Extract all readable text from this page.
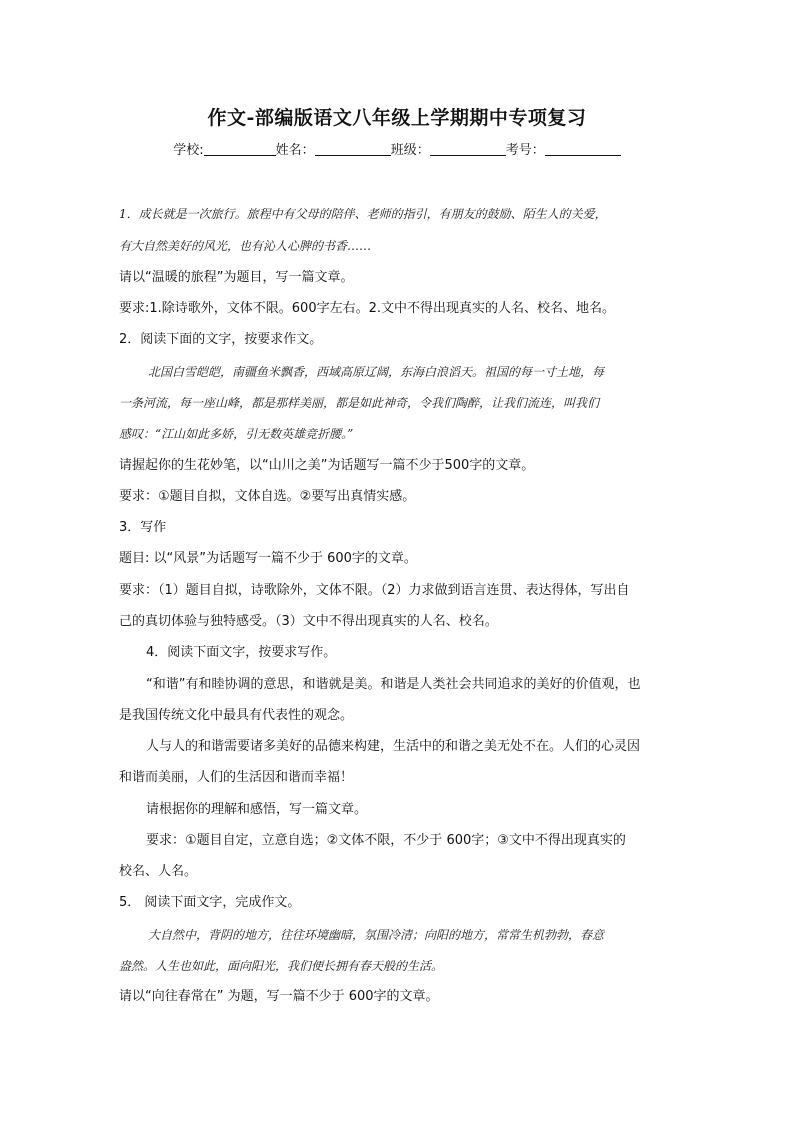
作文-部编版语文八年级上学期期中专项复习
学校:	姓名：	班级：	考号：
1．成长就是一次旅行。旅程中有父母的陪伴、老师的指引，有朋友的鼓励、陌生人的关爱，
有大自然美好的风光，也有沁人心脾的书香……
请以“温暖的旅程”为题目，写一篇文章。
要求:1.除诗歌外，文体不限。600字左右。2.文中不得出现真实的人名、校名、地名。
2．阅读下面的文字，按要求作文。
北国白雪皑皑，南疆鱼米飘香，西域高原辽阔，东海白浪滔天。祖国的每一寸土地，每
一条河流，每一座山峰，都是那样美丽，都是如此神奇，令我们陶醉，让我们流连，叫我们
感叹：“江山如此多娇，引无数英雄竞折腰。”
请握起你的生花妙笔，以“山川之美”为话题写一篇不少于500字的文章。
要求：①题目自拟，文体自选。②要写出真情实感。
3．写作
题目: 以“风景”为话题写一篇不少于 600字的文章。
要求：（1）题目自拟，诗歌除外，文体不限。（2）力求做到语言连贯、表达得体，写出自
己的真切体验与独特感受。（3）文中不得出现真实的人名、校名。
4．阅读下面文字，按要求写作。
“和谐”有和睦协调的意思，和谐就是美。和谐是人类社会共同追求的美好的价值观，也
是我国传统文化中最具有代表性的观念。
人与人的和谐需要诸多美好的品德来构建，生活中的和谐之美无处不在。人们的心灵因
和谐而美丽，人们的生活因和谐而幸福！
请根据你的理解和感悟，写一篇文章。
要求：①题目自定，立意自选；②文体不限，不少于 600字；③文中不得出现真实的
校名、人名。
5． 阅读下面文字，完成作文。
大自然中，背阴的地方，往往环境幽暗，氛围冷清；向阳的地方，常常生机勃勃，春意
盎然。人生也如此，面向阳光，我们便长拥有春天般的生活。
请以“向往春常在” 为题，写一篇不少于 600字的文章。
